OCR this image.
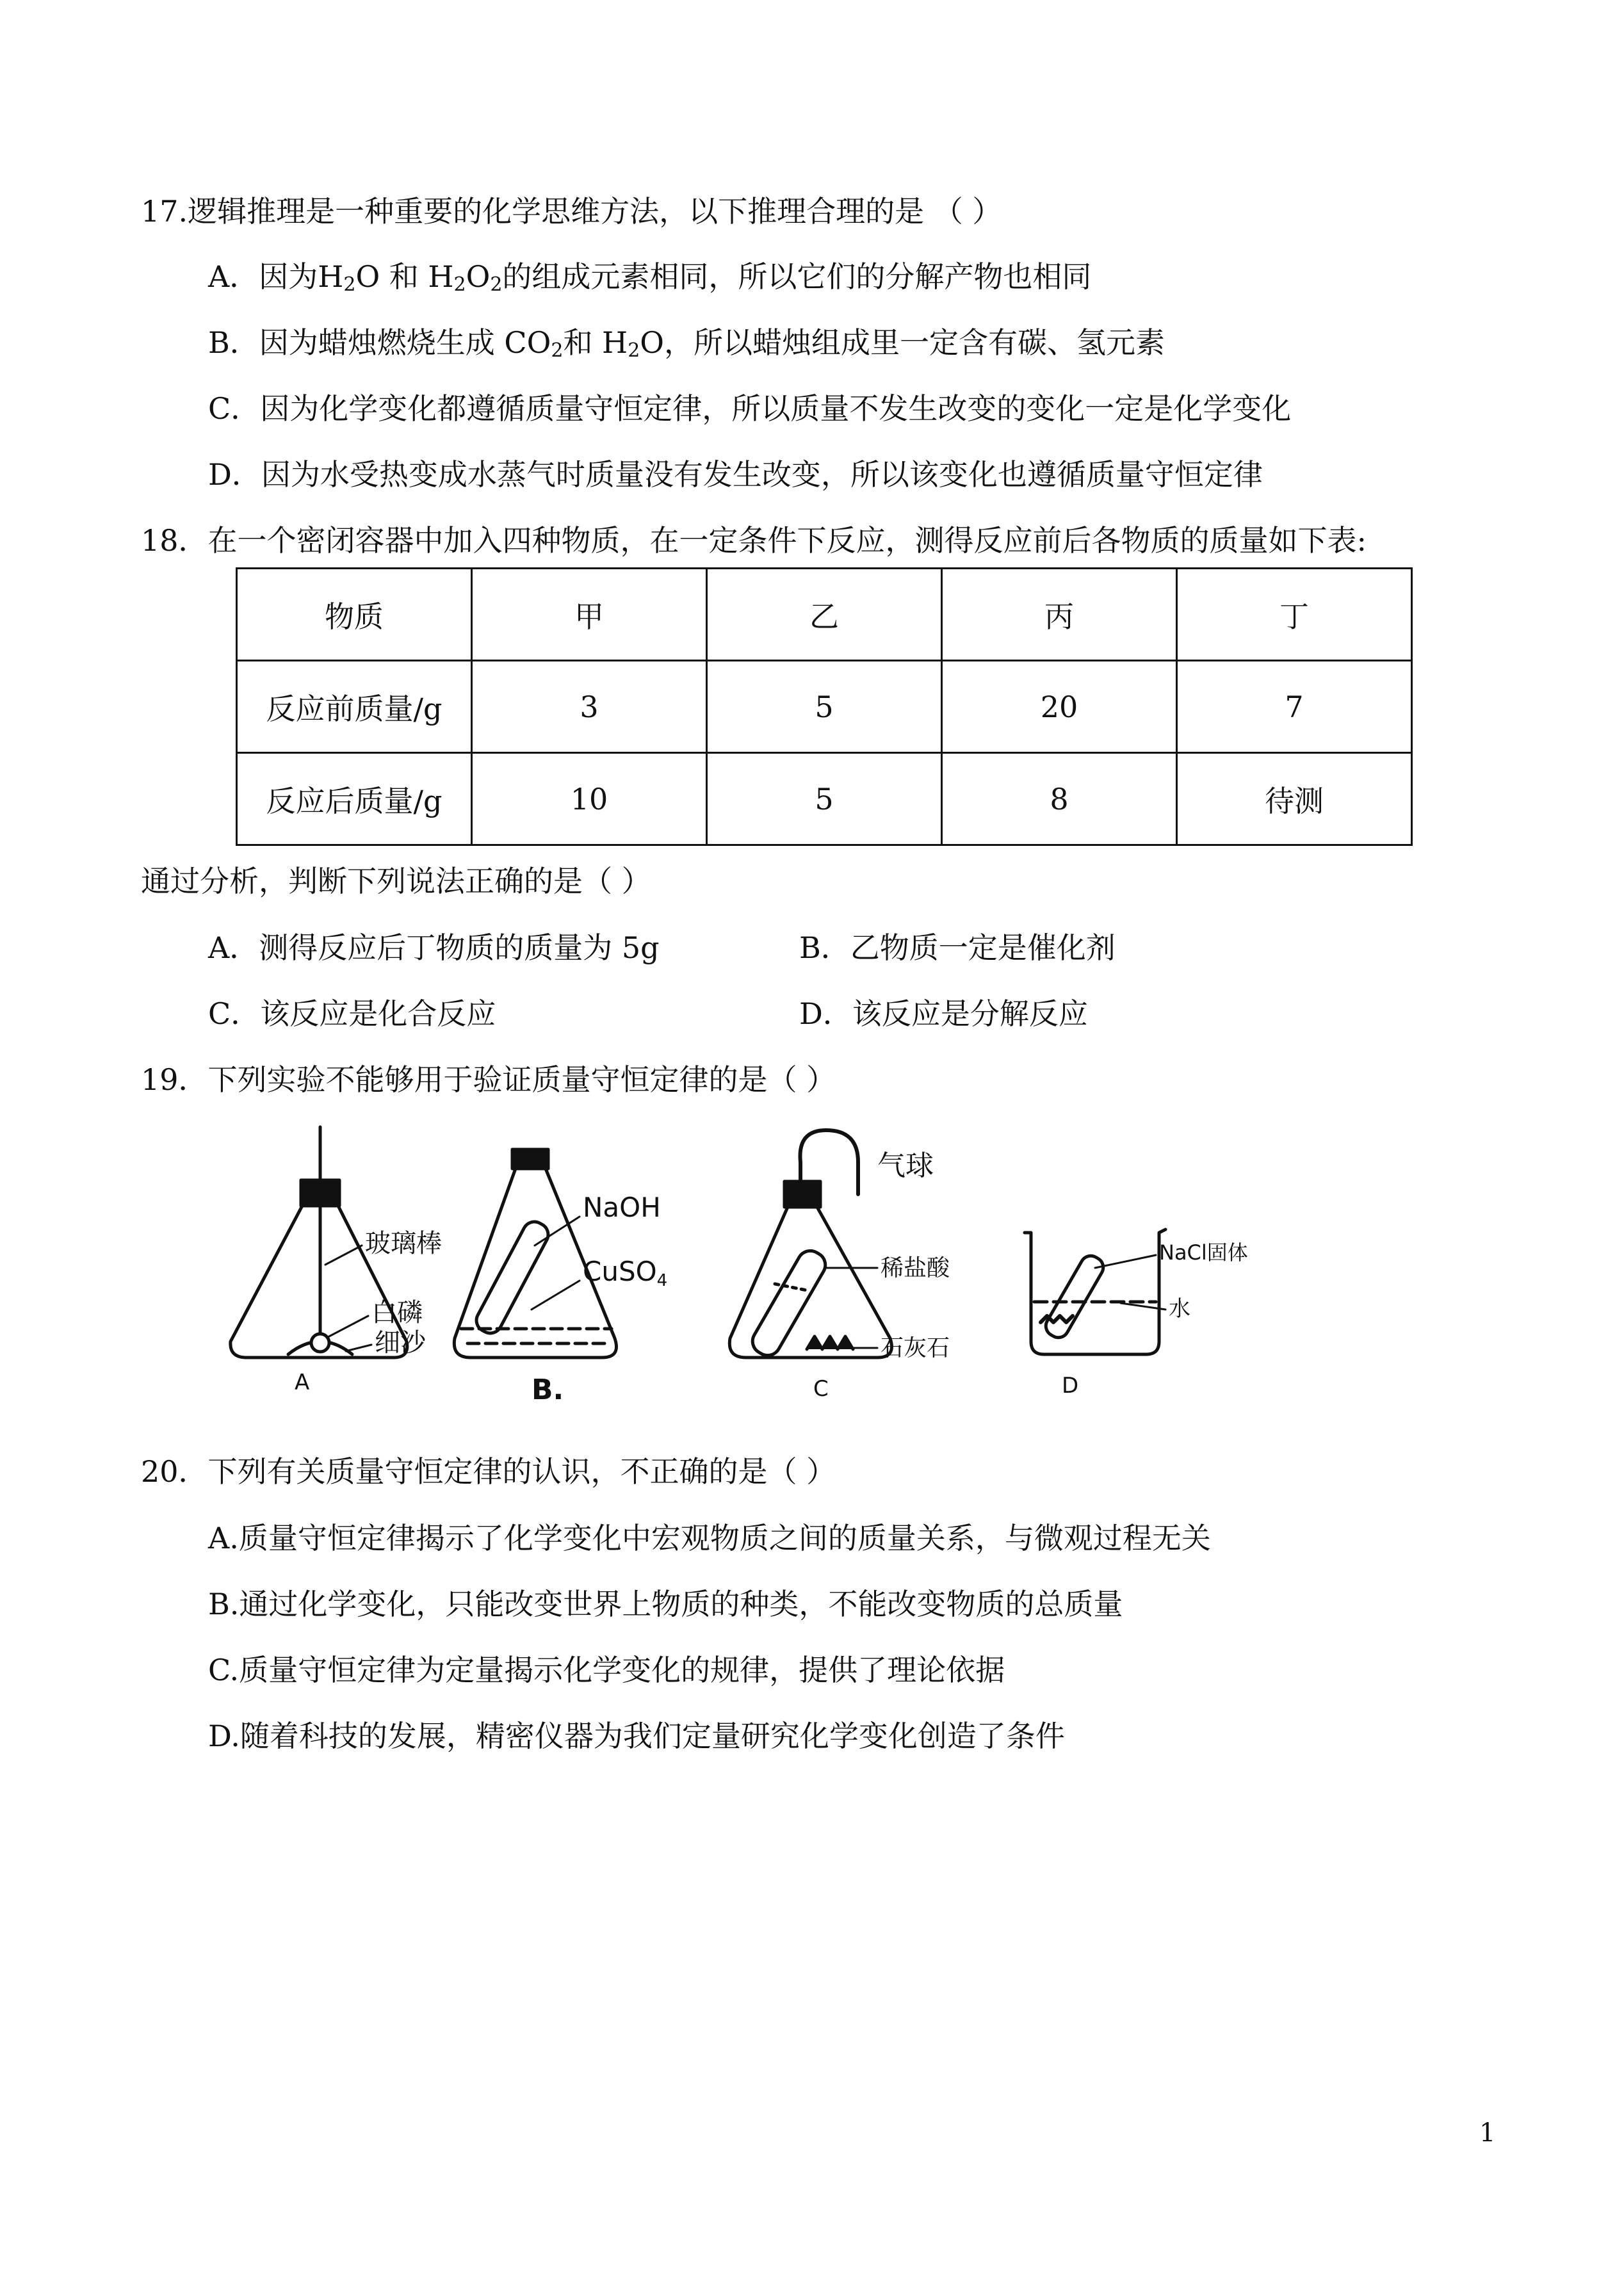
17.逻辑推理是一种重要的化学思维方法，以下推理合理的是 （ ）
A．因为$H_2O$ 和 $H_2O_2$的组成元素相同，所以它们的分解产物也相同
B．因为蜡烛燃烧生成 $CO_2$和 $H_2O$，所以蜡烛组成里一定含有碳、氢元素
C．因为化学变化都遵循质量守恒定律，所以质量不发生改变的变化一定是化学变化
D．因为水受热变成水蒸气时质量没有发生改变，所以该变化也遵循质量守恒定律
18．在一个密闭容器中加入四种物质，在一定条件下反应，测得反应前后各物质的质量如下表:
物质	甲	乙	丙	丁
反应前质量/g	3	5	20	7
反应后质量/g	10	5	8	待测
通过分析，判断下列说法正确的是（ ）
A．测得反应后丁物质的质量为 5g	B．乙物质一定是催化剂
C．该反应是化合反应	D．该反应是分解反应
19．下列实验不能够用于验证质量守恒定律的是（ ）
玻璃棒
白磷
细沙
A
NaOH
CuSO4
B.
气球
稀盐酸
石灰石
C
NaCl固体
水
D
20．下列有关质量守恒定律的认识，不正确的是（ ）
A.质量守恒定律揭示了化学变化中宏观物质之间的质量关系，与微观过程无关
B.通过化学变化，只能改变世界上物质的种类，不能改变物质的总质量
C.质量守恒定律为定量揭示化学变化的规律，提供了理论依据
D.随着科技的发展，精密仪器为我们定量研究化学变化创造了条件
1
